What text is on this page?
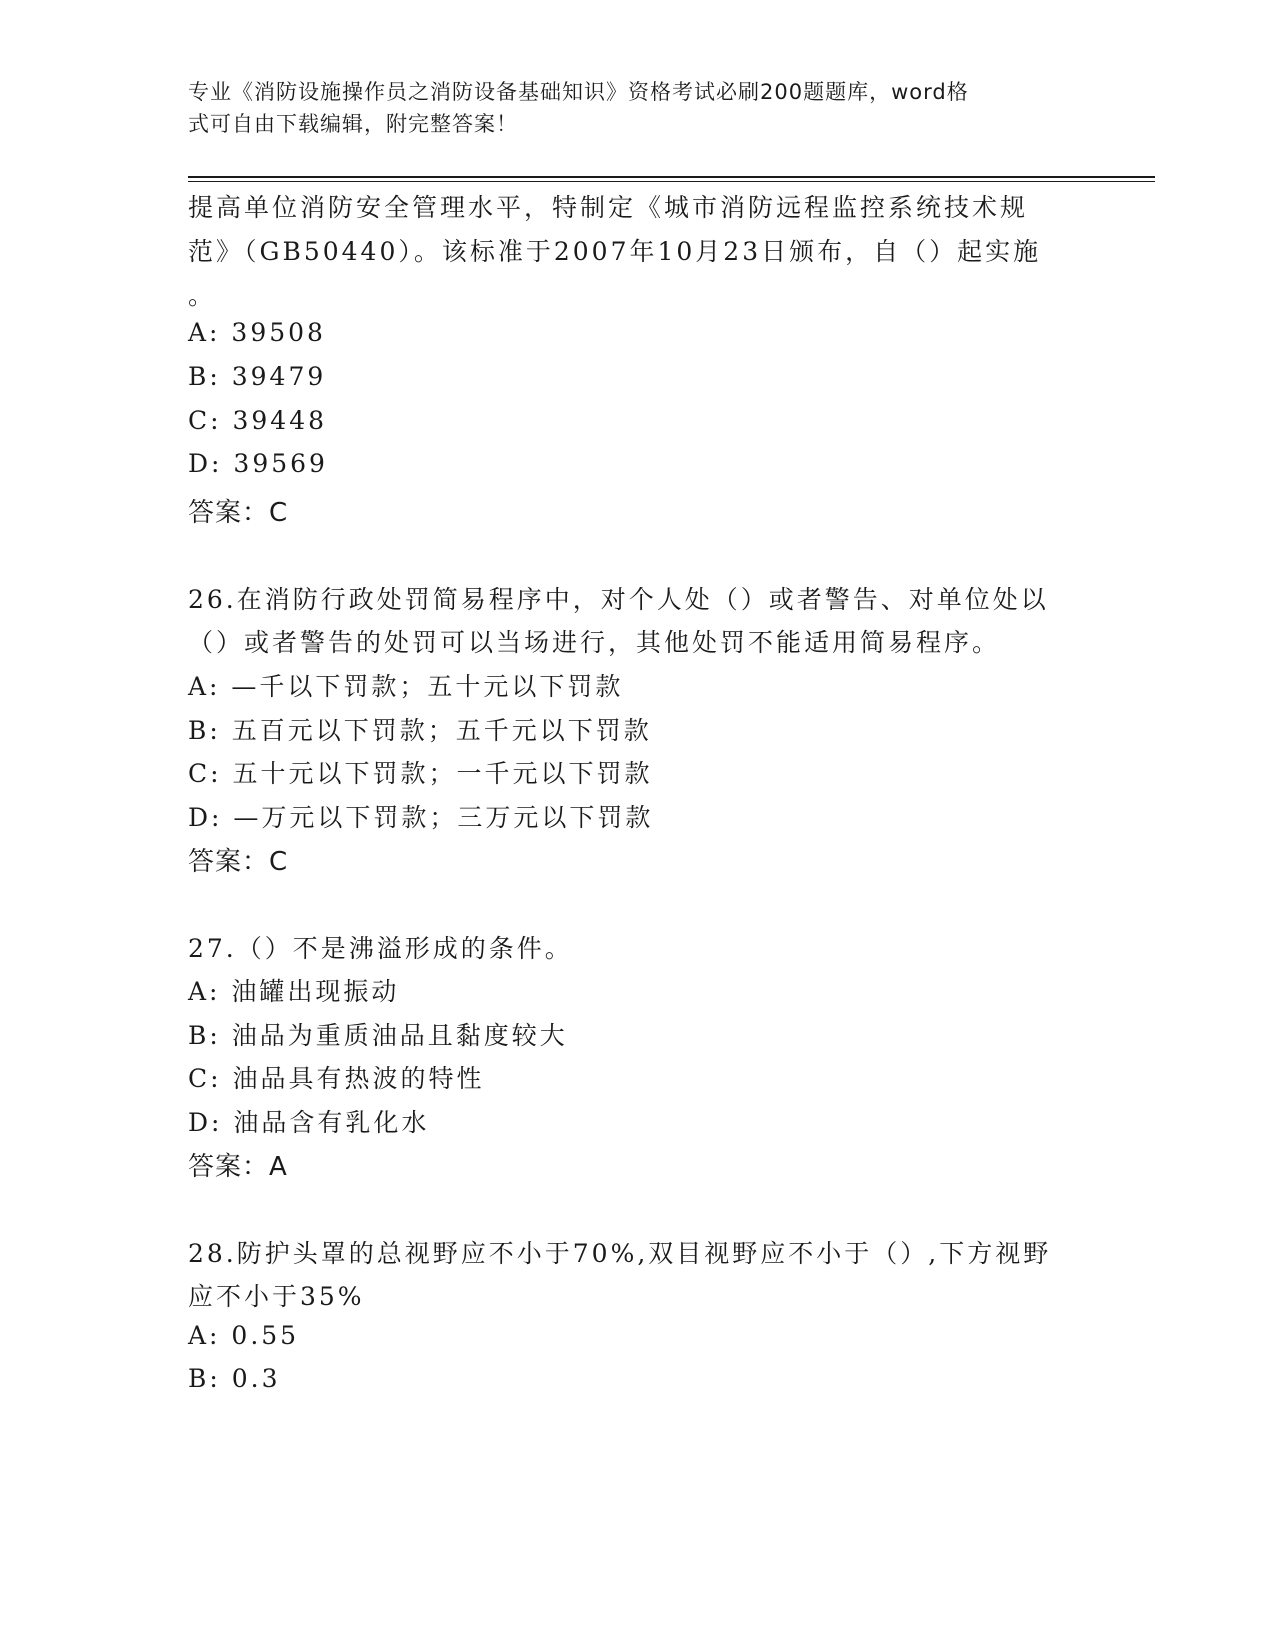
专业《消防设施操作员之消防设备基础知识》资格考试必刷200题题库，word格
式可自由下载编辑，附完整答案！
提高单位消防安全管理水平，特制定《城市消防远程监控系统技术规
范》（GB50440）。该标准于2007年10月23日颁布，自（）起实施
。
A: 39508
B: 39479
C: 39448
D: 39569
答案：C
26.在消防行政处罚简易程序中，对个人处（）或者警告、对单位处以
（）或者警告的处罚可以当场进行，其他处罚不能适用简易程序。
A: —千以下罚款；五十元以下罚款
B: 五百元以下罚款；五千元以下罚款
C: 五十元以下罚款；一千元以下罚款
D: —万元以下罚款；三万元以下罚款
答案：C
27.（）不是沸溢形成的条件。
A: 油罐出现振动
B: 油品为重质油品且黏度较大
C: 油品具有热波的特性
D: 油品含有乳化水
答案：A
28.防护头罩的总视野应不小于70%,双目视野应不小于（）,下方视野
应不小于35%
A: 0.55
B: 0.3
